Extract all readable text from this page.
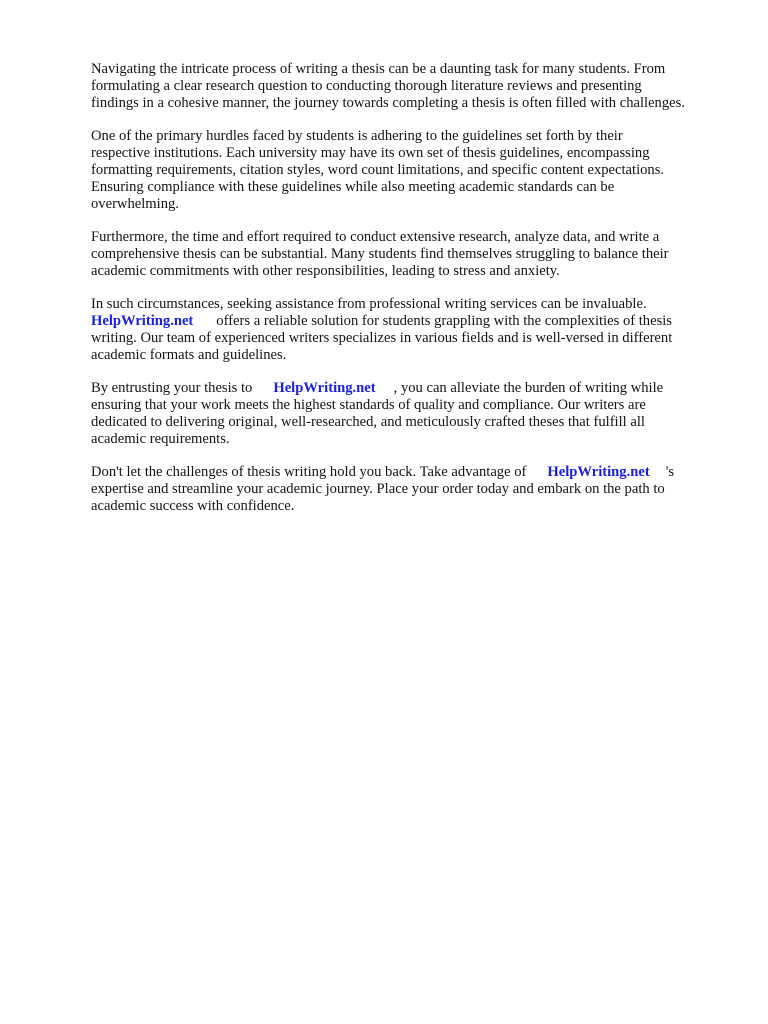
Navigating the intricate process of writing a thesis can be a daunting task for many students. From
formulating a clear research question to conducting thorough literature reviews and presenting
findings in a cohesive manner, the journey towards completing a thesis is often filled with challenges.

One of the primary hurdles faced by students is adhering to the guidelines set forth by their
respective institutions. Each university may have its own set of thesis guidelines, encompassing
formatting requirements, citation styles, word count limitations, and specific content expectations.
Ensuring compliance with these guidelines while also meeting academic standards can be
overwhelming.

Furthermore, the time and effort required to conduct extensive research, analyze data, and write a
comprehensive thesis can be substantial. Many students find themselves struggling to balance their
academic commitments with other responsibilities, leading to stress and anxiety.

In such circumstances, seeking assistance from professional writing services can be invaluable.
HelpWriting.net offers a reliable solution for students grappling with the complexities of thesis
writing. Our team of experienced writers specializes in various fields and is well-versed in different
academic formats and guidelines.

By entrusting your thesis to HelpWriting.net , you can alleviate the burden of writing while
ensuring that your work meets the highest standards of quality and compliance. Our writers are
dedicated to delivering original, well-researched, and meticulously crafted theses that fulfill all
academic requirements.

Don't let the challenges of thesis writing hold you back. Take advantage of HelpWriting.net 's
expertise and streamline your academic journey. Place your order today and embark on the path to
academic success with confidence.
